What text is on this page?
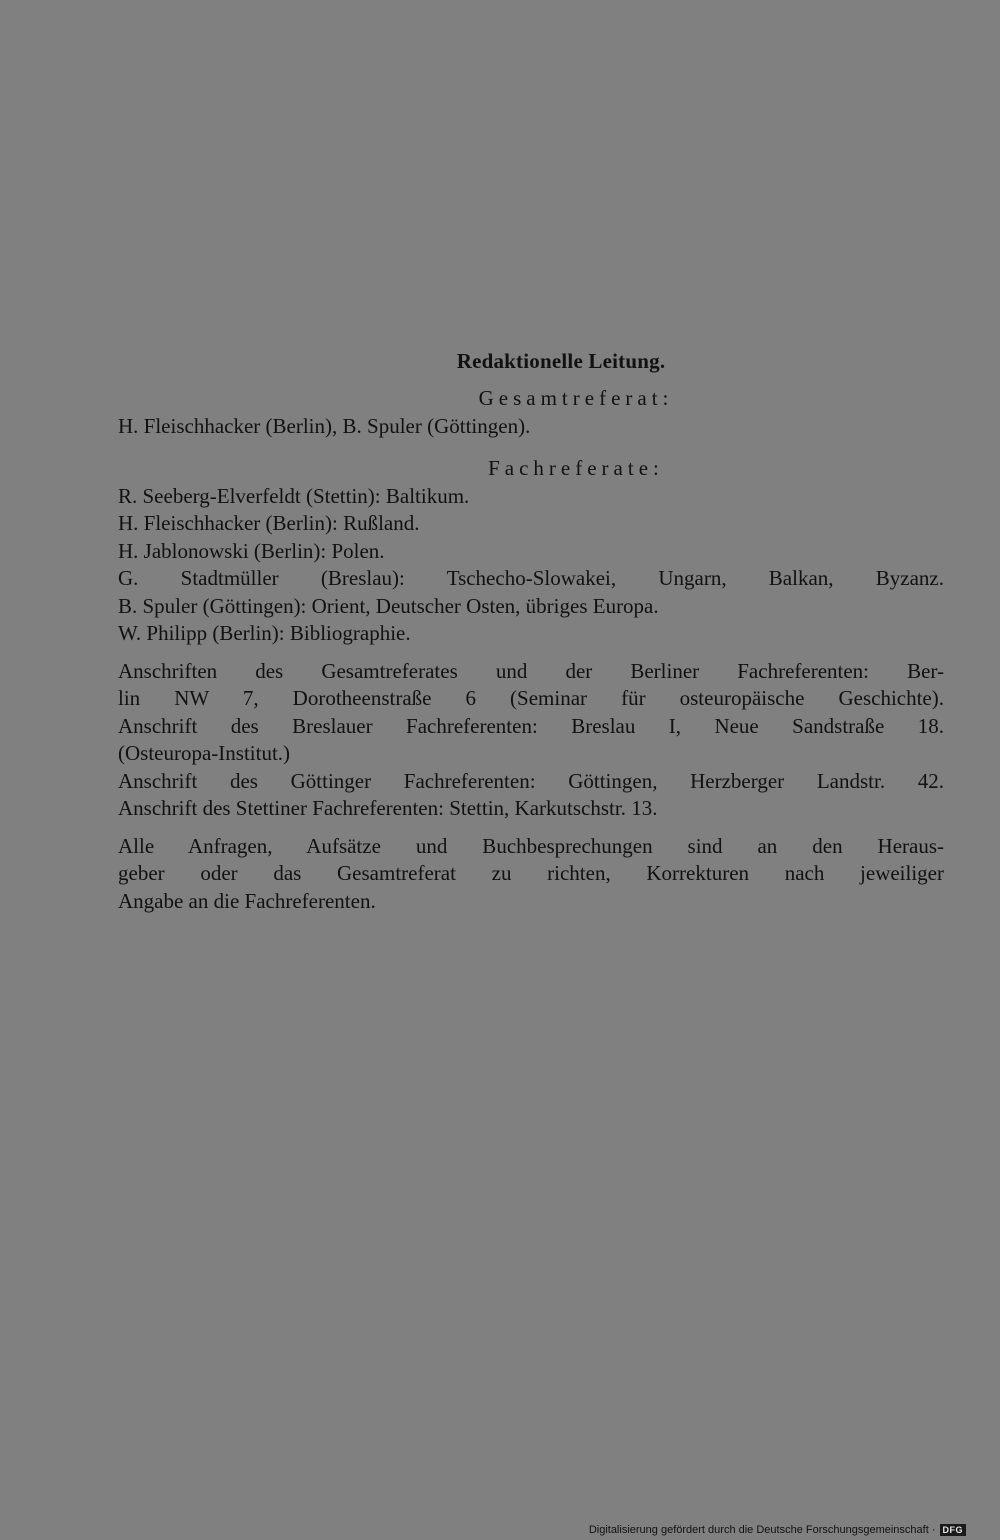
Redaktionelle Leitung.
Gesamtreferat:
H. Fleischhacker (Berlin), B. Spuler (Göttingen).
Fachreferate:
R. Seeberg-Elverfeldt (Stettin): Baltikum.
H. Fleischhacker (Berlin): Rußland.
H. Jablonowski (Berlin): Polen.
G. Stadtmüller (Breslau): Tschecho-Slowakei, Ungarn, Balkan, Byzanz.
B. Spuler (Göttingen): Orient, Deutscher Osten, übriges Europa.
W. Philipp (Berlin): Bibliographie.
Anschriften des Gesamtreferates und der Berliner Fachreferenten: Ber-
lin NW 7, Dorotheenstraße 6 (Seminar für osteuropäische Geschichte).
Anschrift des Breslauer Fachreferenten: Breslau I, Neue Sandstraße 18.
(Osteuropa-Institut.)
Anschrift des Göttinger Fachreferenten: Göttingen, Herzberger Landstr. 42.
Anschrift des Stettiner Fachreferenten: Stettin, Karkutschstr. 13.
Alle Anfragen, Aufsätze und Buchbesprechungen sind an den Heraus-
geber oder das Gesamtreferat zu richten, Korrekturen nach jeweiliger
Angabe an die Fachreferenten.
Digitalisierung gefördert durch die Deutsche Forschungsgemeinschaft · DFG
